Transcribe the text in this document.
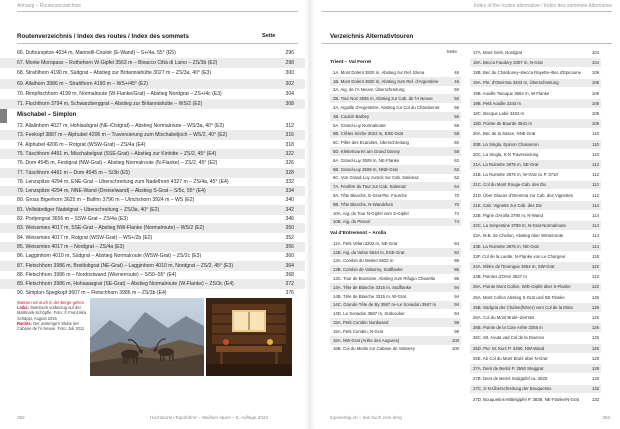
Anhang – Routenverzeichnis
Routenverzeichnis / Index des routes / Index des sommets	Seite
66. Dufourspitze 4634 m, Marinelli-Couloir (E-Wand) – S+/4a, 55° (E5)	296
67. Monte Moropass – Rothehorn W-Gipfel 3563 m – Bivacco Città di Luino – ZS/3b (E2)	298
68. Strahlhorn 4190 m, Südgrat – Abstieg zur Britanniahütte 3027 m – ZS/3a, 40° (E3)	300
69. Allalhorn 3986 m – Strahlhorn 4190 m – WS+/45° (E2)	302
70. Rimpfischhorn 4199 m, Normalroute (W-Flanke/Grat) – Abstieg Nordgrat – ZS+/4c (E3)	304
71. Fluchthorn 3794 m, Schwarzberggrat – Abstieg zur Britanniahütte – WS/2 (E2)	308
Mischabel – Simplon
72. Allalinhorn 4027 m, Hohlaubgrat (NE-/Ostgrat) – Abstieg Normalroute – WS/3a, 40° (E2)	312
73. Feekopf 3887 m – Alphubel 4206 m – Traversierung zum Mischabeljoch – WS/2, 40° (E2)	316
74. Alphubel 4206 m – Rotgrat (WSW-Grat) – ZS/4a (E4)	318
75. Täschhorn 4491 m, Mischabelgrat (SSE-Grat) – Abstieg zur Kinhitte – ZS/2, 45° (E4)	322
76. Dom 4545 m, Festigrat (NW-Grat) – Abstieg Normalroute (N-Flanke) – ZS/2, 45° (E2)	326
77. Täschhorn 4491 m – Dom 4545 m – S/3b (E5)	328
78. Lenzspitze 4294 m, ENE-Grat – Überschreitung zum Nadelhorn 4327 m – ZS/4a, 45° (E4)	332
79. Lenzspitze 4294 m, NNE-Wand (Dreiselwand) – Abstieg S-Grat – S/5c, 55° (E4)	334
80. Gross Bigerhorn 3625 m – Balfrin 3796 m – Ulrichshorn 3924 m – WS (E2)	340
81. Vollständiger Nadelgrat – Überschreitung – ZS/3a, 40° (E2)	342
82. Portjengrat 3656 m – SSW-Grat – ZS/4a (E3)	346
83. Weissmies 4017 m, SSE-Grat – Abstieg NW-Flanke (Normalroute) – WS/2 (E2)	350
84. Weissmies 4017 m, Rotgrat (WSW-Grat) – WS+/2b (E2)	352
85. Weissmies 4017 m – Nordgrat – ZS/4a (E3)	356
86. Lagginhorn 4010 m, Südgrat – Abstieg Normalroute (WSW-Grat) – ZS/2c (E3)	360
87. Fletschhorn 3986 m, Breitlobgrat (NE-Grat) – Lagginhorn 4010 m, Nordgrat – ZS/2, 45° (E3)	364
88. Fletschhorn 3986 m – Nordostwand (Wienerroute) – S/50–55° (E4)	368
89. Fletschhorn 3986 m, Hohsaasgrat (SE-Grat) – Abstieg Normalroute (W-Flanke) – ZS/3c (E4)	372
90. Simplon-Spegkopf 3607 m – Fletschhorn 3986 m – ZS/3b (E4)	376
Wassen wir auch in der Berge gehen
Links: Steinbock vorbeizug auf der Mattmark-Schöpfle. Foto: © Franziska Schäppi, August 2015
Rechts: Der winterige's Stube der Cabane de l'A Neuve. Foto: Juli 2011
382	Hochtouren Topoführer – Walliser Alpen – 5. Auflage 2023
Index of the routes alternative / Index des sommets Alternative
Verzeichnis Alternativtouren
Seite
Trient – Val Ferret
1A. Mont Dolent 3820 m, Abstieg zur Ref. Elena	46
1B. Mont Dolent 3820 m, Abstieg zum Ref. d'Argentière	46
2A. Aig. de l'A Neuve, Überschreitung	50
2B. Tour Noir 3836 m, Abstieg zur Cab. de l'A Neuve	50
4A. Aiguille d'Argentière, Abstieg zur Col du Chardonnet	56
4B. Couloir Barbey	56
5A. Grand-Luy Normalroute	58
5B. Crêtes Sèche 3024 m, ESE-Grat	58
5C. Piller des Ecandies, Überschreitung	60
5D. Klettertouren am Grand Darray	58
6A. Grand-Luy 3509 m, NE-Flanke	62
6B. Grand-Luy 3509 m, NNE-Grat	62
6C. Von Grand-Luy zurück zur Cab. Saleinaz	62
7A. Fenêtre du Tour zur Cab. Saleinaz	64
9A. Tête Blanche, E-Grat-Pte. Fourche	70
9B. Tête Blanche, N-Wandchen	70
10A. Aig. du Tour N-Gipfel vom S-Gipfel	74
10B. Aig. du Pissoir	74
Val d'Entremont – Arolla
12A. Petit Velan 3202 m, NE-Grat	84
12B. Aig. du Velan 5634 m, ESE-Grat	84
13A. Combin du Meiten 5622 m	86
13B. Combin de Valsorey, Südflanke	86
13C. Tour de Boussine, Abstieg zum Rifugio Chiarella	86
14A. Tête de Blanche 3315 m, Südflanke	94
14B. Tête de Blanche 3315 m, W-Grat	94
14C. Grande Tête de By 3587 m–Le Sonadon 3587 m	94
14D. Le Sonadon 3587 m, Südcouloir	94
15A. Petit Combin Nordwand	98
15A. Petit Combin, N-Grat	98
16A. NW-Grat (Arête des Augures)	100
16B. Col du Meitin zur Cabane de Valsorey	100
17A. Mont Gelé, Nordgrat	104
18A. Becca Faudery 3307 m, N-Grat	104
18B. Bec du Chardoney–Becca Rayette–Bec d'Epicoune	106
19A. Pte. d'Otemma 3403 m, Überschreitung	106
19B. Aouille Tseuque 3554 m, W-Flanke	108
19B. Petit Aouille 3343 m	108
19C. Becque Labé 3463 m	108
19D. Pointe de Bourde 3541 m	108
20A. Bec de la Sasse, NNE-Grat	110
20B. La Singla, Epinon Chasseron	110
20C. La Singla, S-N Traversierung	110
21A. La Ruinette 3875 m, SE-Grat	112
21B. La Ruinette 3875 m, W-Grat zu P. 3710	112
21C. Col du Mont Rouge-Cab. des Dix	112
21D. Über Glacier d'Otemma zur Cab. des Vignettes	112
21E. Cab. Vignette zur Cab. des Dix	114
22B. Pigne d'Arolla 3790 m, N-Wand	114
22C. La Serpentine 3789 m, N-Grat-Normalroute	114
23A. M.B. de Cheilon, Abstieg über Winterroute	114
23E. La Ruinette 3875 m, NE-Grat	114
23F. Col de la Luette, N-Flanke von Le Chargeur	118
24A. Mêtre de l'Evengue 3654 m, SW-Grat	122
24B. Pointes d'Oren 3527 m	122
25A. Pointe Mont Collon, W/E-Gipfel über S-Flanke	122
25A. Mont Collon Abstieg S-Grat und SE-Flanke	126
25B. Südgrat der Chaîne(führer) vom Col de la Mina	126
26A. Col du Mont Brulé–Zerrratt	126
26B. Pointe de la Cote Arête 3355 m	126
26C. Mt. Aouta vad Col de la Dixence	126
26D. Pte. M. Kurz P. 3490, NW-Wand	126
26E. Ab Col du Mont Brulé über N-Grat	128
27A. Dent de Bertol P. 3590 Steggrat	128
27B. Dent de Bertol Südgipfel ca. 3520	132
27C. S-N-Überschreitung der Bouquetins	132
27D. Bouquetins-Mittelgipfel P. 3838, NE-Flanke/N-Grat	132
topoverlag.ch – das buch zum berg	383
